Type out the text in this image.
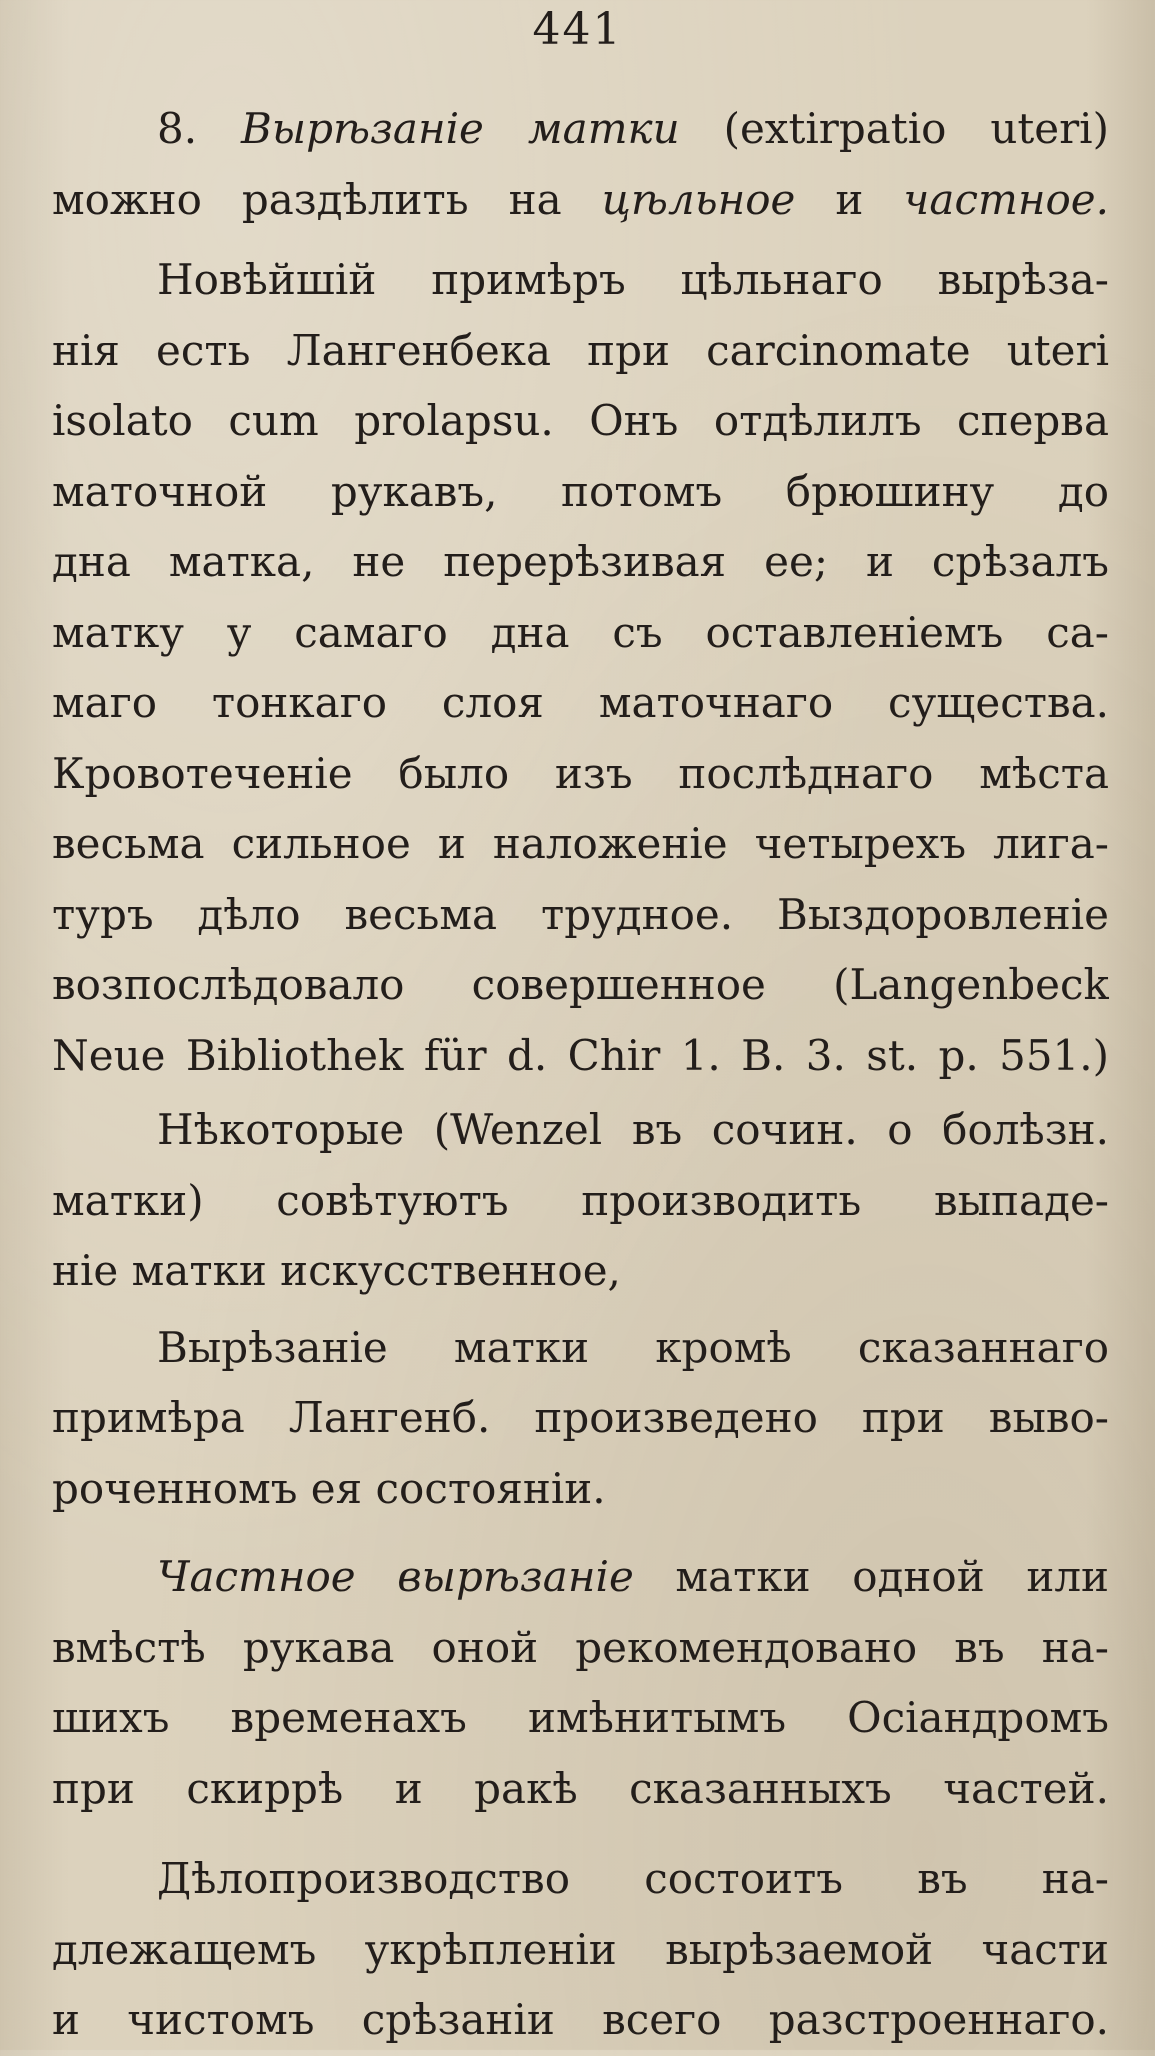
441
8. Вырѣзаніе матки (extirpatio uteri)
можно раздѣлить на цѣльное и частное.
Новѣйшій примѣръ цѣльнаго вырѣза-
нія есть Лангенбека при carcinomate uteri
isolato cum prolapsu. Онъ отдѣлилъ сперва
маточной рукавъ, потомъ брюшину до
дна матка, не перерѣзивая ее; и срѣзалъ
матку у самаго дна съ оставленіемъ са-
маго тонкаго слоя маточнаго существа.
Кровотеченіе было изъ послѣднаго мѣста
весьма сильное и наложеніе четырехъ лига-
туръ дѣло весьма трудное. Выздоровленіе
возпослѣдовало совершенное (Langenbeck
Neue Bibliothek für d. Chir 1. B. 3. st. p. 551.)
Нѣкоторые (Wenzel въ сочин. о болѣзн.
матки) совѣтуютъ производить выпаде-
ніе матки искусственное,
Вырѣзаніе матки кромѣ сказаннаго
примѣра Лангенб. произведено при выво-
роченномъ ея состояніи.
Частное вырѣзаніе матки одной или
вмѣстѣ рукава оной рекомендовано въ на-
шихъ временахъ имѣнитымъ Осіандромъ
при скиррѣ и ракѣ сказанныхъ частей.
Дѣлопроизводство состоитъ въ на-
длежащемъ укрѣпленіи вырѣзаемой части
и чистомъ срѣзаніи всего разстроеннаго.
